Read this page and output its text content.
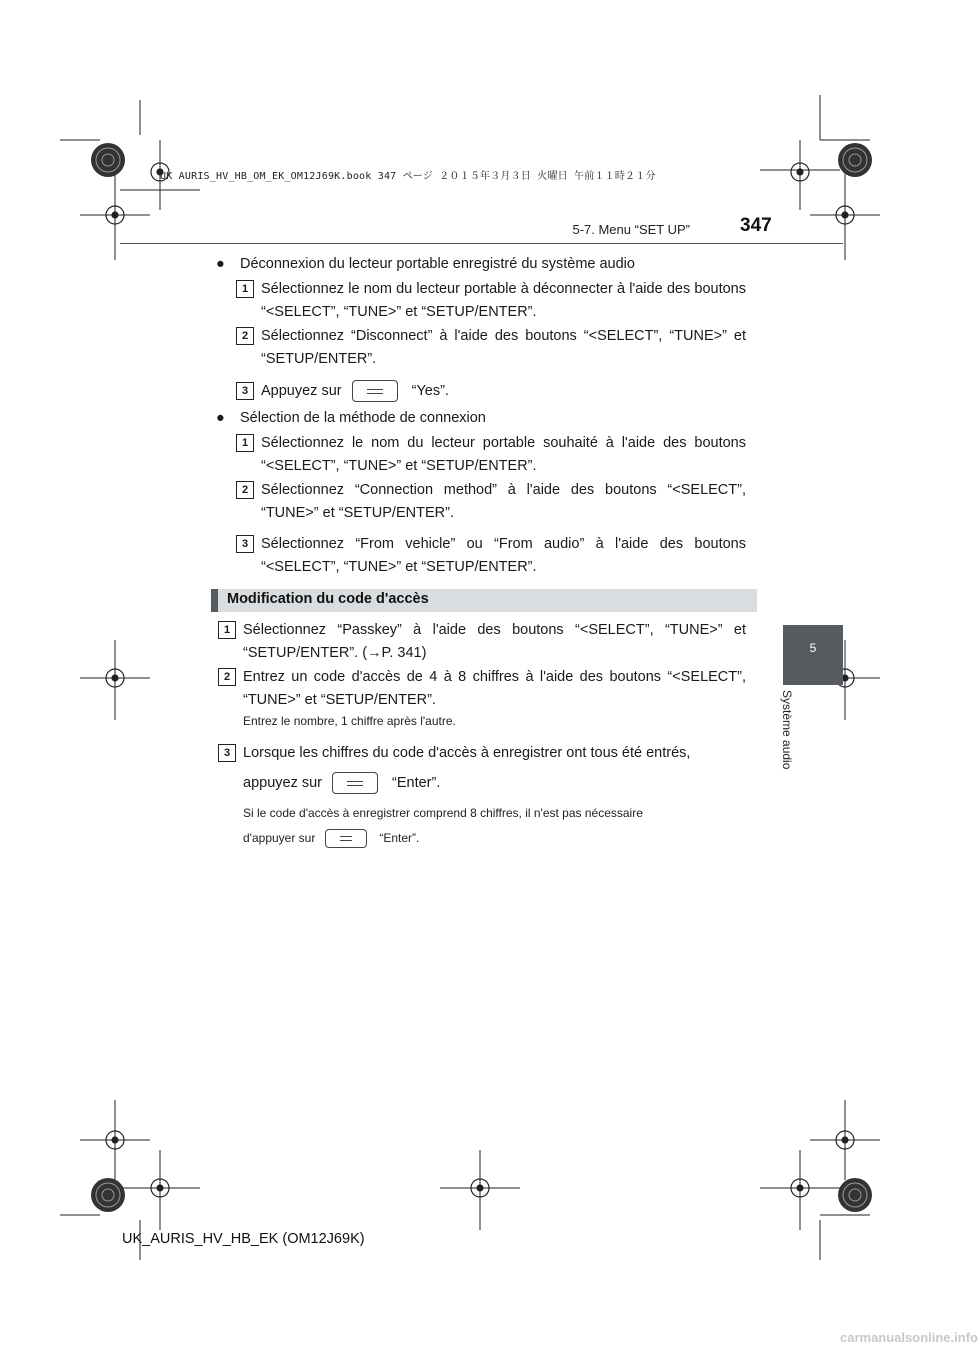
UK AURIS_HV_HB_OM_EK_OM12J69K.book 347 ページ ２０１５年３月３日 火曜日 午前１１時２１分
5-7. Menu “SET UP”	347
5
Système audio
● Déconnexion du lecteur portable enregistré du système audio
1 Sélectionnez le nom du lecteur portable à déconnecter à l'aide des boutons “<SELECT”, “TUNE>” et “SETUP/ENTER”.
2 Sélectionnez “Disconnect” à l'aide des boutons “<SELECT”, “TUNE>” et “SETUP/ENTER”.
3 Appuyez sur	“Yes”.
● Sélection de la méthode de connexion
1 Sélectionnez le nom du lecteur portable souhaité à l'aide des boutons “<SELECT”, “TUNE>” et “SETUP/ENTER”.
2 Sélectionnez “Connection method” à l'aide des boutons “<SELECT”, “TUNE>” et “SETUP/ENTER”.
3 Sélectionnez “From vehicle” ou “From audio” à l'aide des boutons “<SELECT”, “TUNE>” et “SETUP/ENTER”.
Modification du code d'accès
1 Sélectionnez “Passkey” à l'aide des boutons “<SELECT”, “TUNE>” et “SETUP/ENTER”. (→P. 341)
2 Entrez un code d'accès de 4 à 8 chiffres à l'aide des boutons “<SELECT”, “TUNE>” et “SETUP/ENTER”.
Entrez le nombre, 1 chiffre après l'autre.
3 Lorsque les chiffres du code d'accès à enregistrer ont tous été entrés,
appuyez sur	“Enter”.
Si le code d'accès à enregistrer comprend 8 chiffres, il n'est pas nécessaire
d'appuyer sur	“Enter”.
UK_AURIS_HV_HB_EK (OM12J69K)
carmanualsonline.info
